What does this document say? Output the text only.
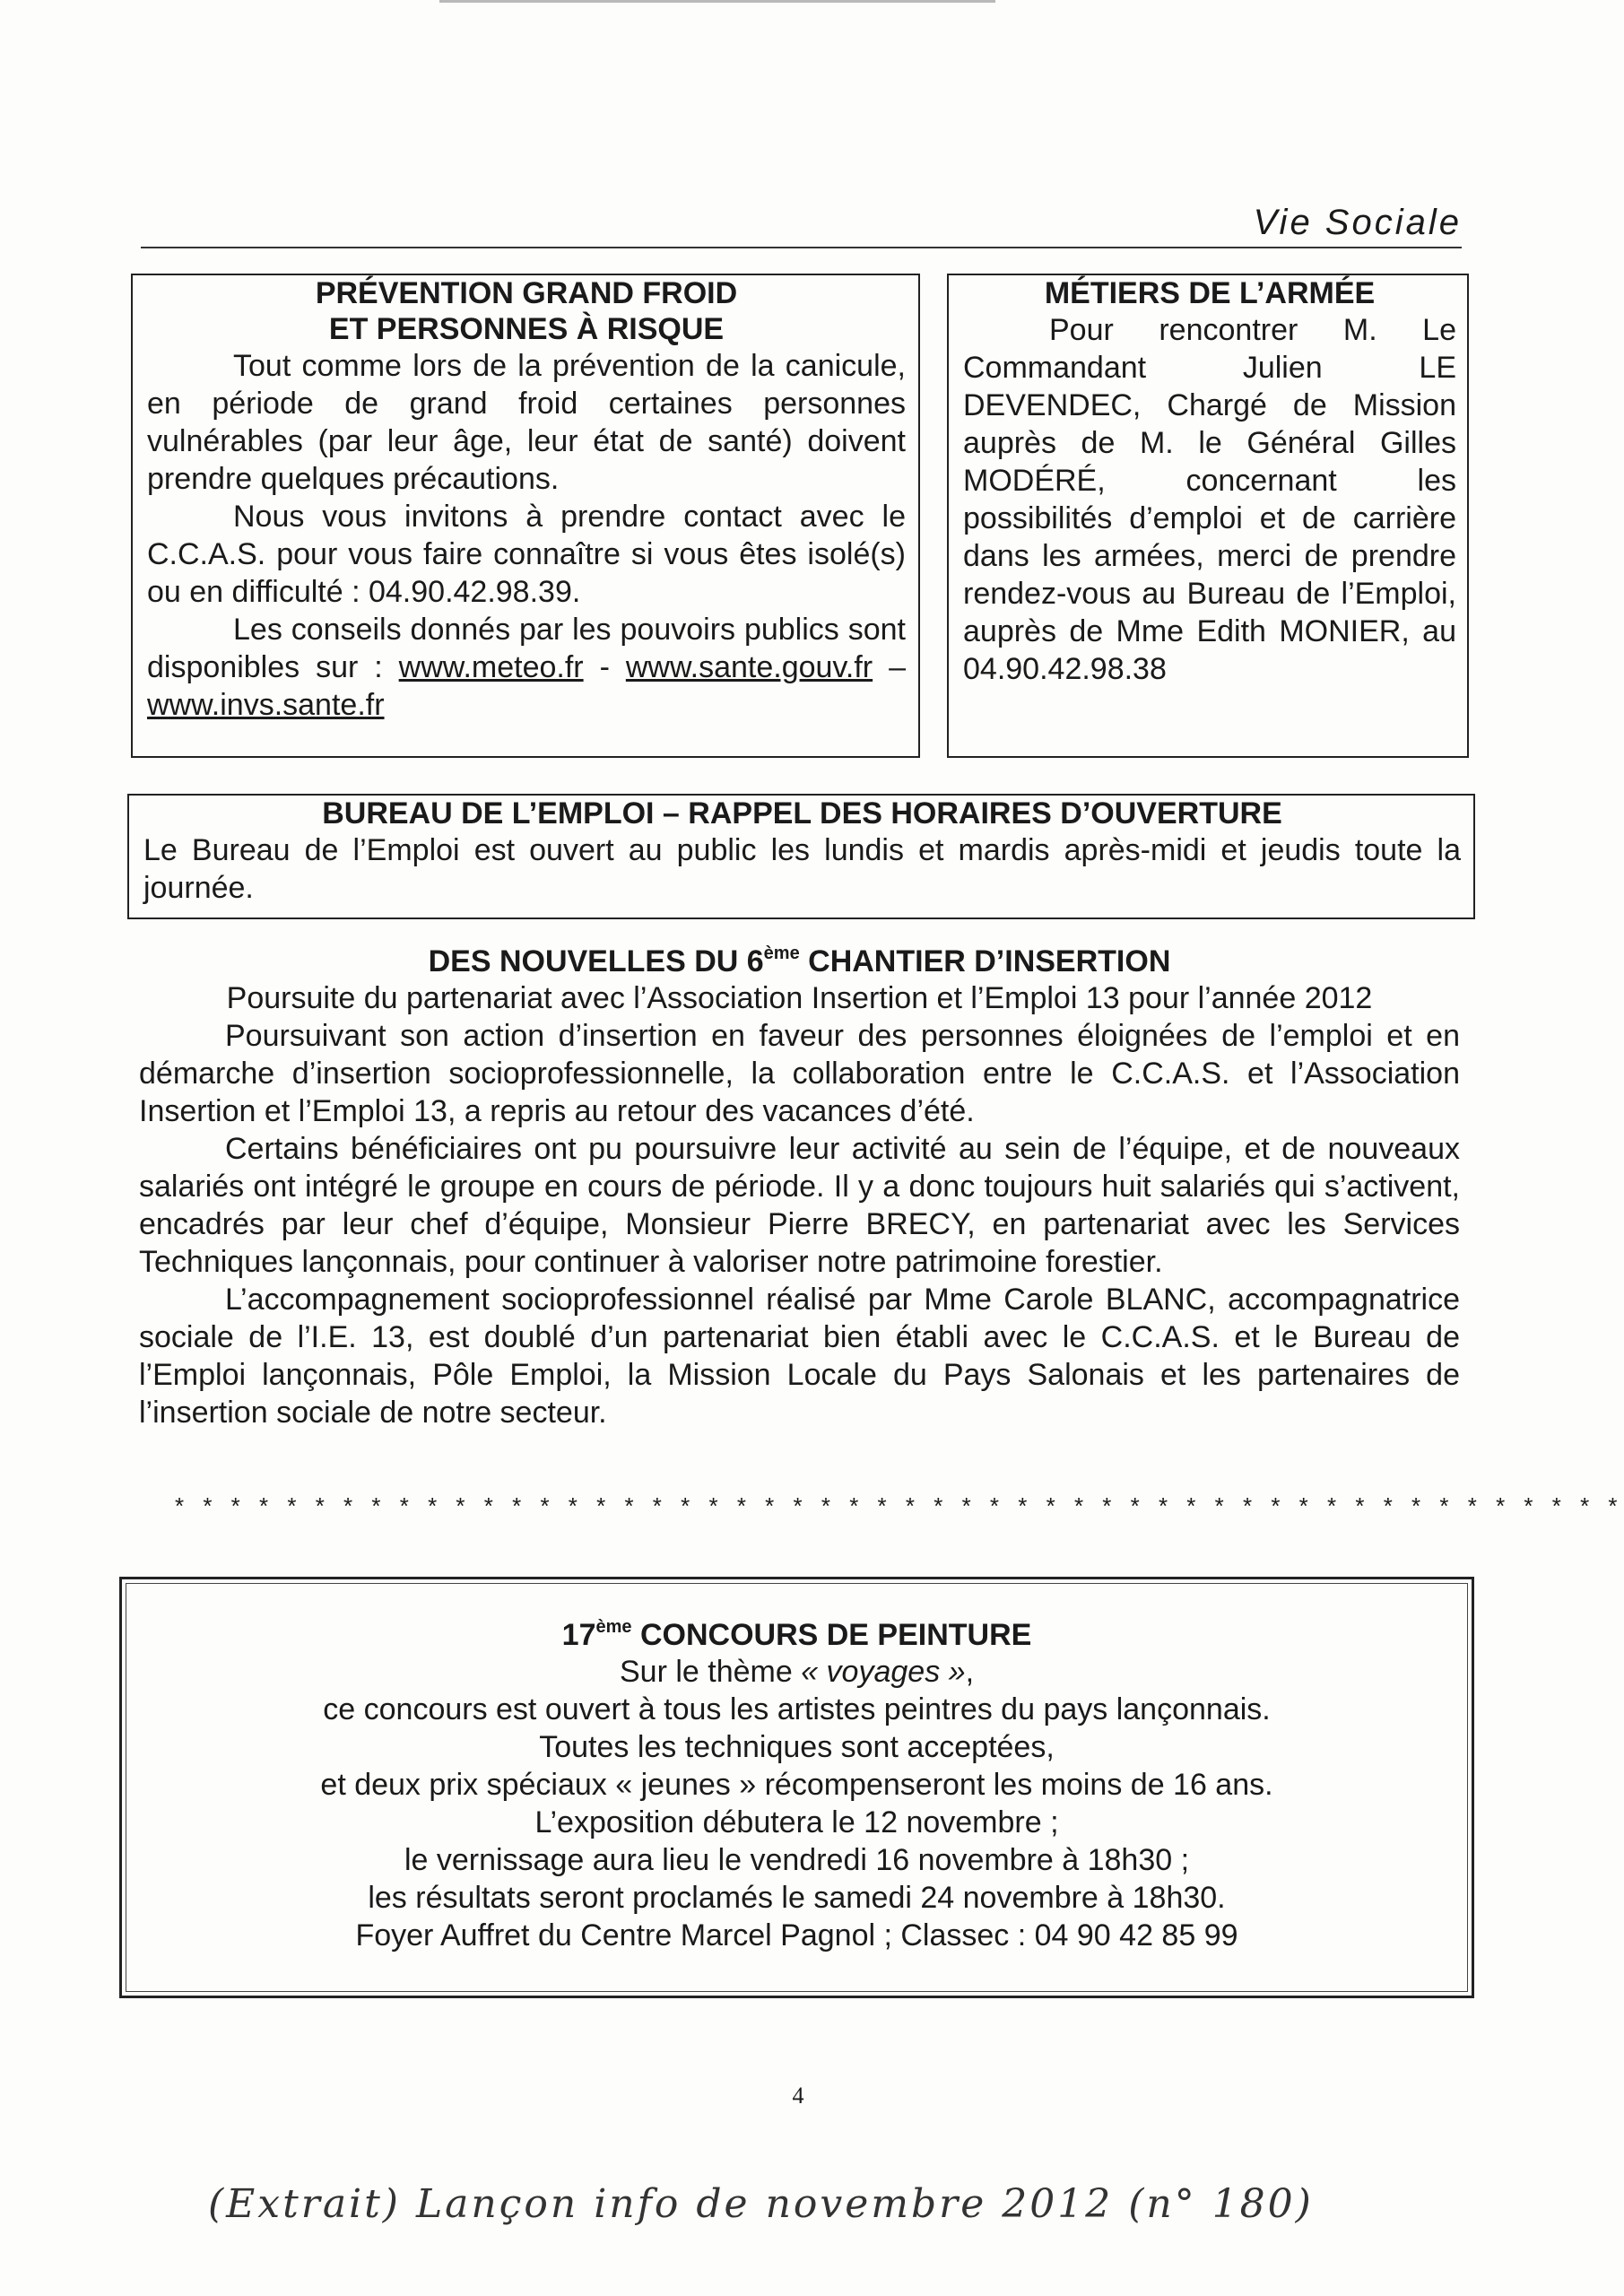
Vie Sociale
PRÉVENTION GRAND FROID
ET PERSONNES À RISQUE
Tout comme lors de la prévention de la canicule, en période de grand froid certaines personnes vulnérables (par leur âge, leur état de santé) doivent prendre quelques précautions.
Nous vous invitons à prendre contact avec le C.C.A.S. pour vous faire connaître si vous êtes isolé(s) ou en difficulté : 04.90.42.98.39.
Les conseils donnés par les pouvoirs publics sont disponibles sur : www.meteo.fr - www.sante.gouv.fr – www.invs.sante.fr
MÉTIERS DE L’ARMÉE
Pour rencontrer M. Le Commandant Julien LE DEVENDEC, Chargé de Mission auprès de M. le Général Gilles MODÉRÉ, concernant les possibilités d’emploi et de carrière dans les armées, merci de prendre rendez-vous au Bureau de l’Emploi, auprès de Mme Edith MONIER, au 04.90.42.98.38
BUREAU DE L’EMPLOI – RAPPEL DES HORAIRES D’OUVERTURE
Le Bureau de l’Emploi est ouvert au public les lundis et mardis après-midi et jeudis toute la journée.
DES NOUVELLES DU 6ème CHANTIER D’INSERTION
Poursuite du partenariat avec l’Association Insertion et l’Emploi 13 pour l’année 2012
Poursuivant son action d’insertion en faveur des personnes éloignées de l’emploi et en démarche d’insertion socioprofessionnelle, la collaboration entre le C.C.A.S. et l’Association Insertion et l’Emploi 13, a repris au retour des vacances d’été.
Certains bénéficiaires ont pu poursuivre leur activité au sein de l’équipe, et de nouveaux salariés ont intégré le groupe en cours de période. Il y a donc toujours huit salariés qui s’activent, encadrés par leur chef d’équipe, Monsieur Pierre BRECY, en partenariat avec les Services Techniques lançonnais, pour continuer à valoriser notre patrimoine forestier.
L’accompagnement socioprofessionnel réalisé par Mme Carole BLANC, accompagnatrice sociale de l’I.E. 13, est doublé d’un partenariat bien établi avec le C.C.A.S. et le Bureau de l’Emploi lançonnais, Pôle Emploi, la Mission Locale du Pays Salonais et les partenaires de l’insertion sociale de notre secteur.
* * * * * * * * * * * * * * * * * * * * * * * * * * * * * * * * * * * * * * * * * * * * * * * * * * * *
17ème CONCOURS DE PEINTURE
Sur le thème « voyages »,
ce concours est ouvert à tous les artistes peintres du pays lançonnais.
Toutes les techniques sont acceptées,
et deux prix spéciaux « jeunes » récompenseront les moins de 16 ans.
L’exposition débutera le 12 novembre ;
le vernissage aura lieu le vendredi 16 novembre à 18h30 ;
les résultats seront proclamés le samedi 24 novembre à 18h30.
Foyer Auffret du Centre Marcel Pagnol ; Classec : 04 90 42 85 99
4
(Extrait) Lançon info de novembre 2012 (n° 180)
